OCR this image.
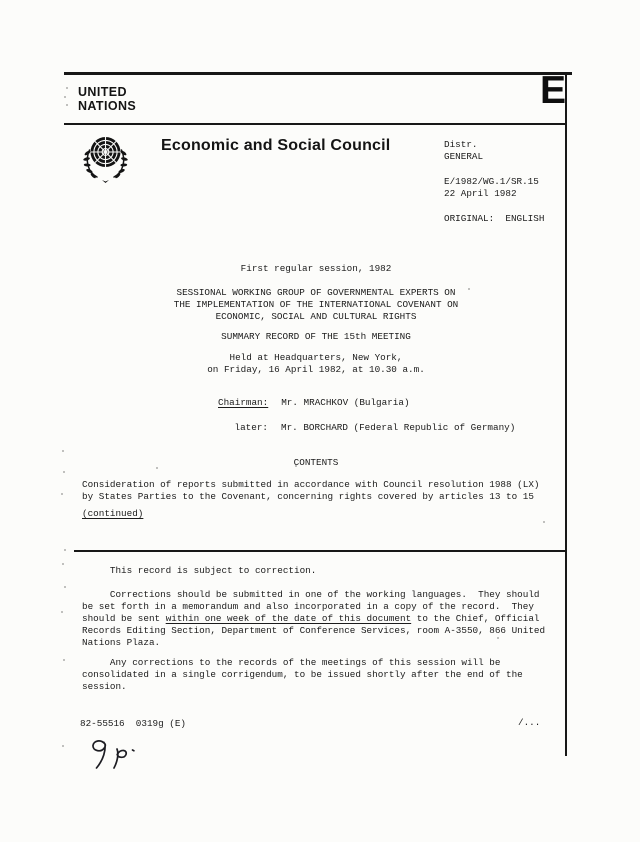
UNITED
NATIONS	E
Economic and Social Council	Distr.
GENERAL
E/1982/WG.1/SR.15
22 April 1982
ORIGINAL:  ENGLISH
First regular session, 1982
SESSIONAL WORKING GROUP OF GOVERNMENTAL EXPERTS ON
THE IMPLEMENTATION OF THE INTERNATIONAL COVENANT ON
ECONOMIC, SOCIAL AND CULTURAL RIGHTS
SUMMARY RECORD OF THE 15th MEETING
Held at Headquarters, New York,
on Friday, 16 April 1982, at 10.30 a.m.
Chairman: Mr. MRACHKOV (Bulgaria)
later: Mr. BORCHARD (Federal Republic of Germany)
CONTENTS
Consideration of reports submitted in accordance with Council resolution 1988 (LX)
by States Parties to the Covenant, concerning rights covered by articles 13 to 15
(continued)
This record is subject to correction.
Corrections should be submitted in one of the working languages.  They should
be set forth in a memorandum and also incorporated in a copy of the record.  They
should be sent within one week of the date of this document to the Chief, Official
Records Editing Section, Department of Conference Services, room A-3550, 866 United
Nations Plaza.
Any corrections to the records of the meetings of this session will be
consolidated in a single corrigendum, to be issued shortly after the end of the
session.
82-55516  0319g (E)	/...
